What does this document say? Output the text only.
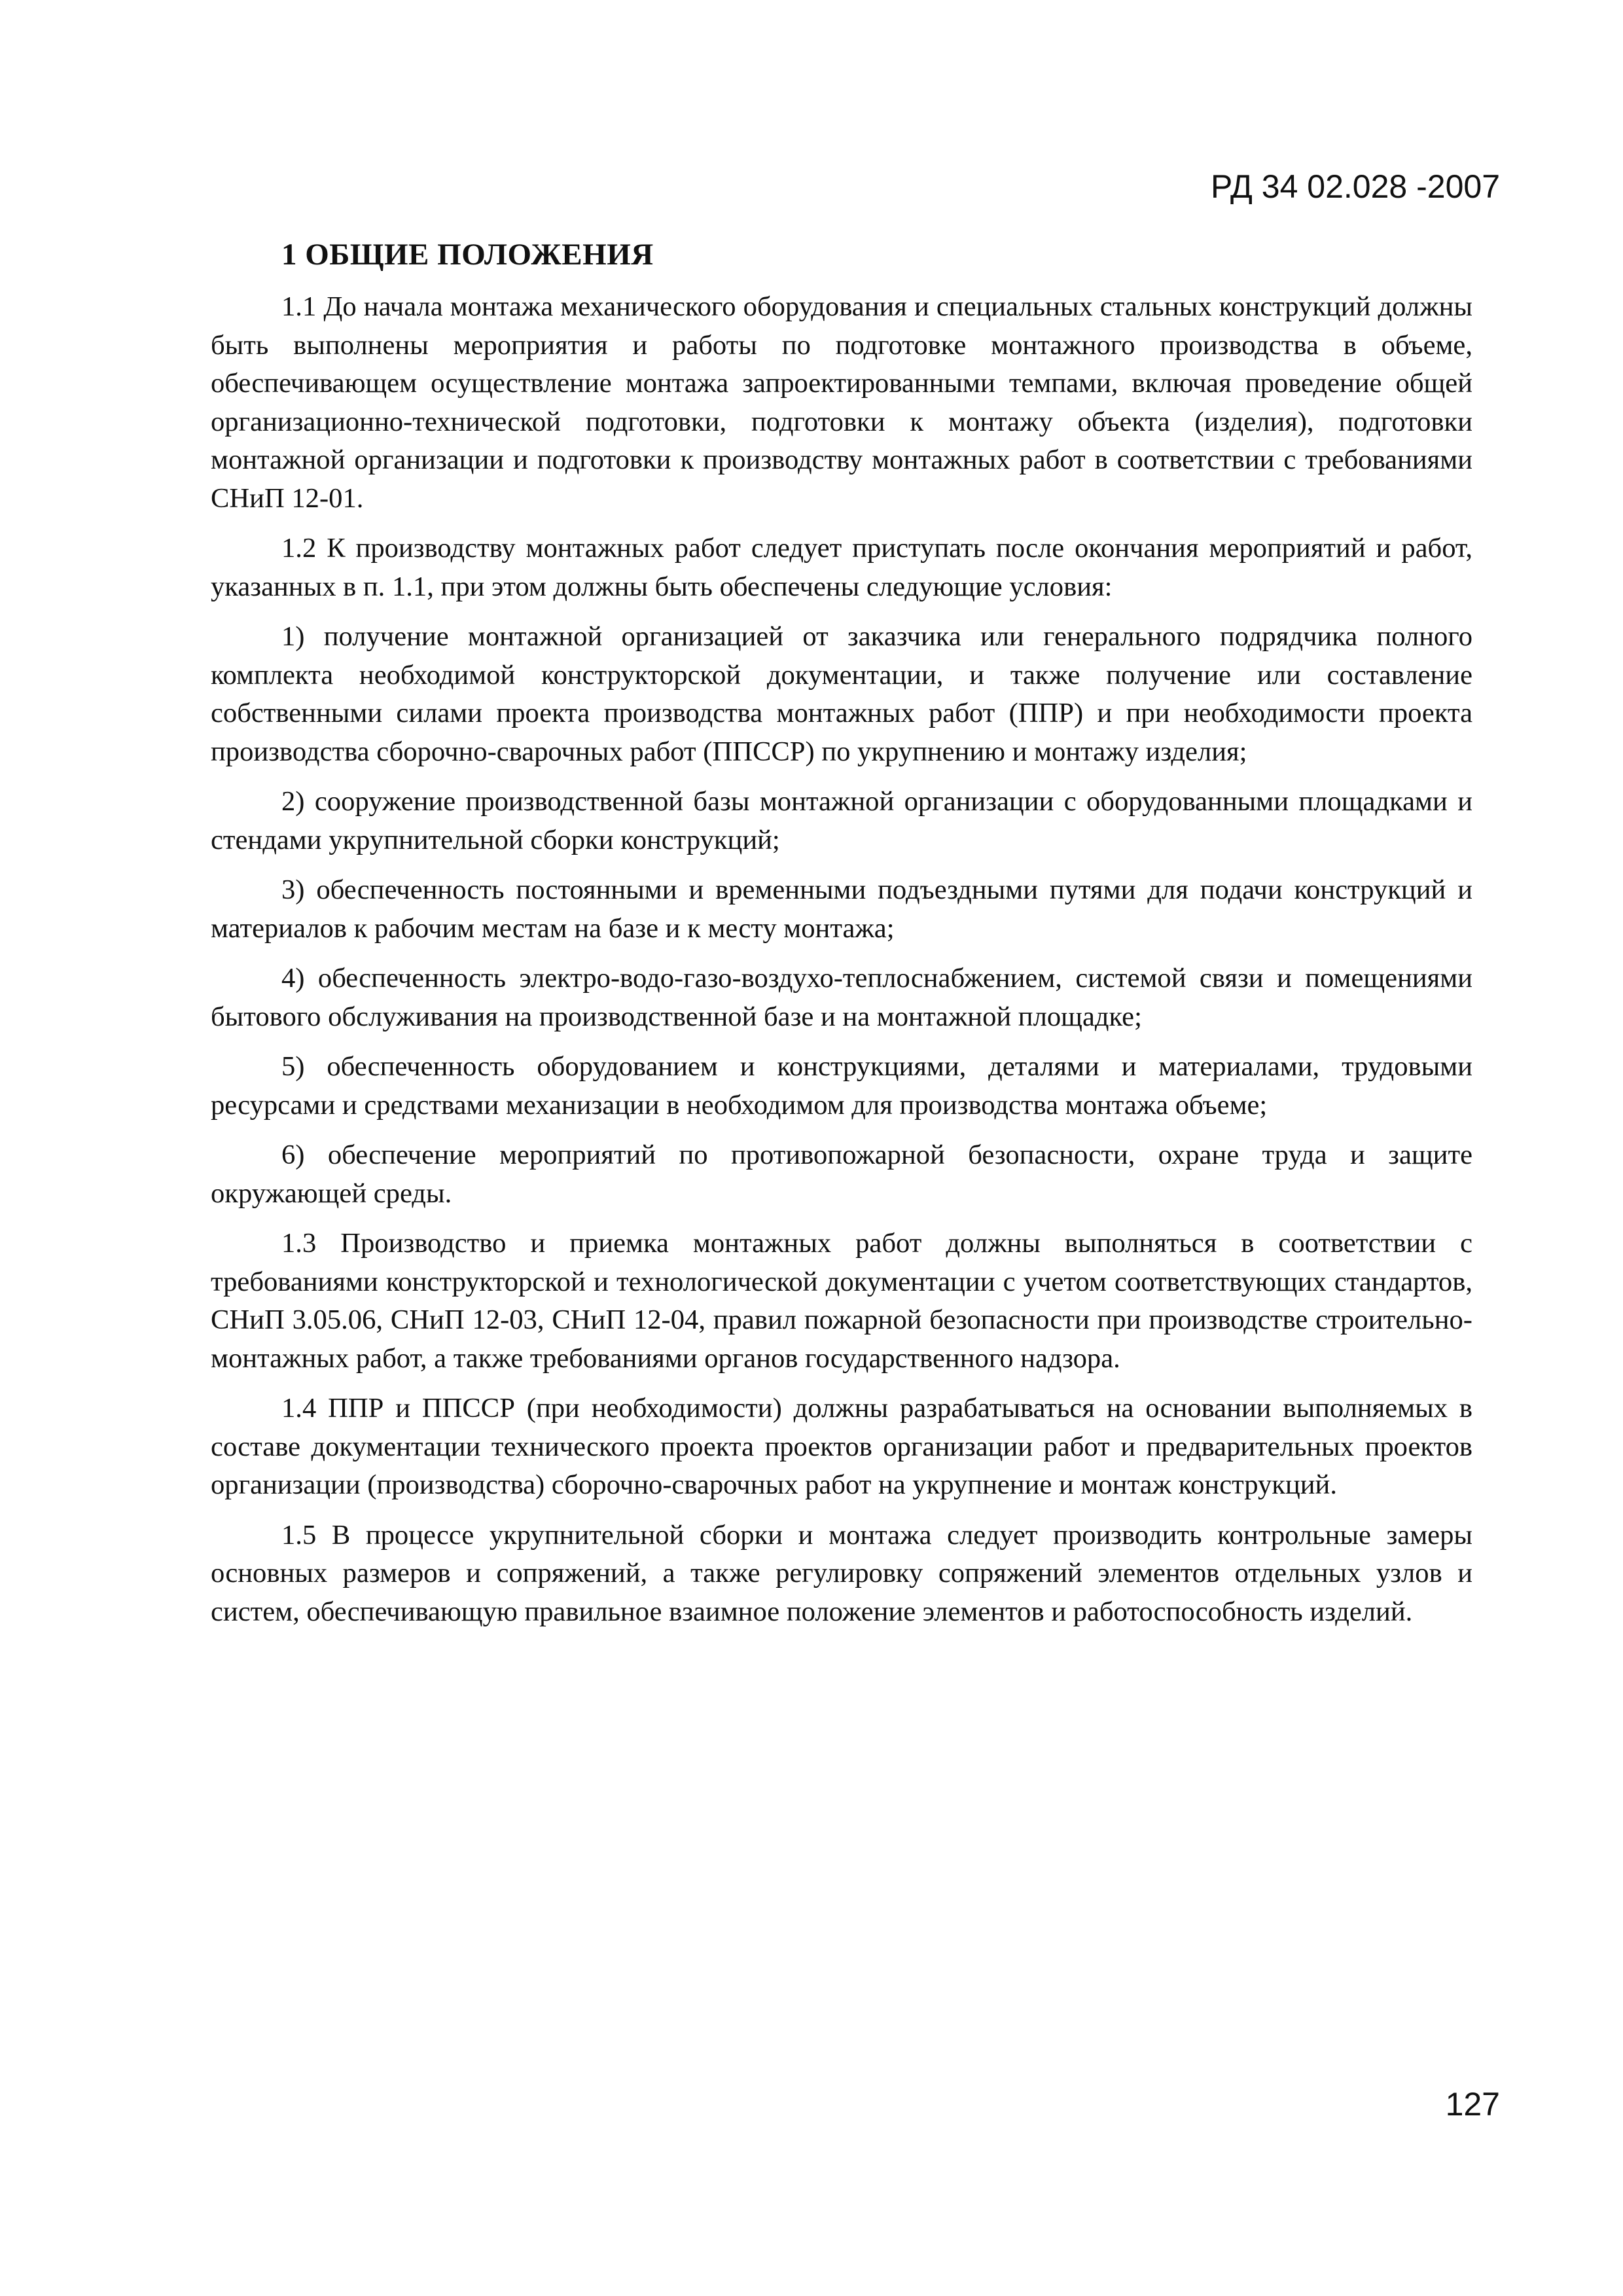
РД 34 02.028 -2007
1 ОБЩИЕ ПОЛОЖЕНИЯ

1.1 До начала монтажа механического оборудования и специальных стальных конструкций должны быть выполнены мероприятия и работы по подготовке монтажного производства в объеме, обеспечивающем осуществление монтажа запроектированными темпами, включая проведение общей организационно-технической подготовки, подготовки к монтажу объекта (изделия), подготовки монтажной организации и подготовки к производству монтажных работ в соответствии с требованиями СНиП 12-01.

1.2 К производству монтажных работ следует приступать после окончания мероприятий и работ, указанных в п. 1.1, при этом должны быть обеспечены следующие условия:

1) получение монтажной организацией от заказчика или генерального подрядчика полного комплекта необходимой конструкторской документации, и также получение или составление собственными силами проекта производства монтажных работ (ППР) и при необходимости проекта производства сборочно-сварочных работ (ППССР) по укрупнению и монтажу изделия;

2) сооружение производственной базы монтажной организации с оборудованными площадками и стендами укрупнительной сборки конструкций;

3) обеспеченность постоянными и временными подъездными путями для подачи конструкций и материалов к рабочим местам на базе и к месту монтажа;

4) обеспеченность электро-водо-газо-воздухо-теплоснабжением, системой связи и помещениями бытового обслуживания на производственной базе и на монтажной площадке;

5) обеспеченность оборудованием и конструкциями, деталями и материалами, трудовыми ресурсами и средствами механизации в необходимом для производства монтажа объеме;

6) обеспечение мероприятий по противопожарной безопасности, охране труда и защите окружающей среды.

1.3 Производство и приемка монтажных работ должны выполняться в соответствии с требованиями конструкторской и технологической документации с учетом соответствующих стандартов, СНиП 3.05.06, СНиП 12-03, СНиП 12-04, правил пожарной безопасности при производстве строительно-монтажных работ, а также требованиями органов государственного надзора.

1.4 ППР и ППССР (при необходимости) должны разрабатываться на основании выполняемых в составе документации технического проекта проектов организации работ и предварительных проектов организации (производства) сборочно-сварочных работ на укрупнение и монтаж конструкций.

1.5 В процессе укрупнительной сборки и монтажа следует производить контрольные замеры основных размеров и сопряжений, а также регулировку сопряжений элементов отдельных узлов и систем, обеспечивающую правильное взаимное положение элементов и работоспособность изделий.

127
